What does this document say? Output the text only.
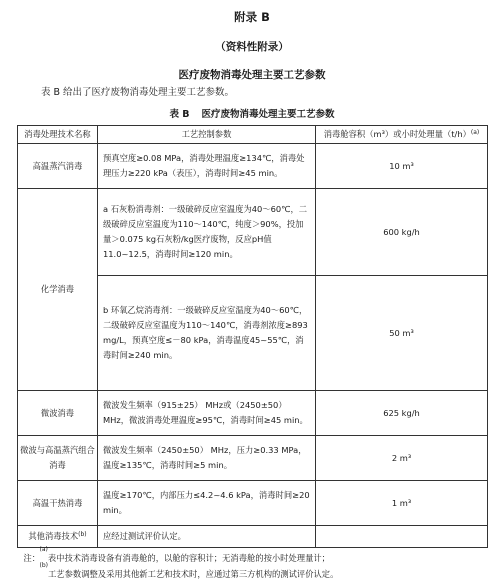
附录 B
（资料性附录）
医疗废物消毒处理主要工艺参数
表 B 给出了医疗废物消毒处理主要工艺参数。
表 B 医疗废物消毒处理主要工艺参数
消毒处理技术名称	工艺控制参数	消毒舱容积（m³）或小时处理量$(t/h)^{(a)}$
高温蒸汽消毒	预真空度≥0.08 MPa，消毒处理温度≥134℃，消毒处理压力≥220 kPa（表压），消毒时间≥45 min。	10 m³
化学消毒	a 石灰粉消毒剂：一级破碎反应室温度为40～60℃，二级破碎反应室温度为110～140℃，纯度＞90%，投加量＞0.075 kg石灰粉/kg医疗废物，反应pH值11.0~12.5，消毒时间≥120 min。	600 kg/h
	b 环氧乙烷消毒剂：一级破碎反应室温度为40～60℃，二级破碎反应室温度为110～140℃，消毒剂浓度≥893 mg/L，预真空度≤－80 kPa，消毒温度45~55℃，消毒时间≥240 min。	50 m³
微波消毒	微波发生频率（915±25） MHz或（2450±50） MHz，微波消毒处理温度≥95℃，消毒时间≥45 min。	625 kg/h
微波与高温蒸汽组合消毒	微波发生频率（2450±50） MHz，压力≥0.33 MPa，温度≥135℃，消毒时间≥5 min。	2 m³
高温干热消毒	温度≥170℃，内部压力≤4.2~4.6 kPa，消毒时间≥20 min。	1 m³
其他消毒技术$^{(b)}$	应经过测试评价认定。	

注：
(a)
表中技术消毒设备有消毒舱的，以舱的容积计；无消毒舱的按小时处理量计；
(b)
工艺参数调整及采用其他新工艺和技术时，应通过第三方机构的测试评价认定。		
